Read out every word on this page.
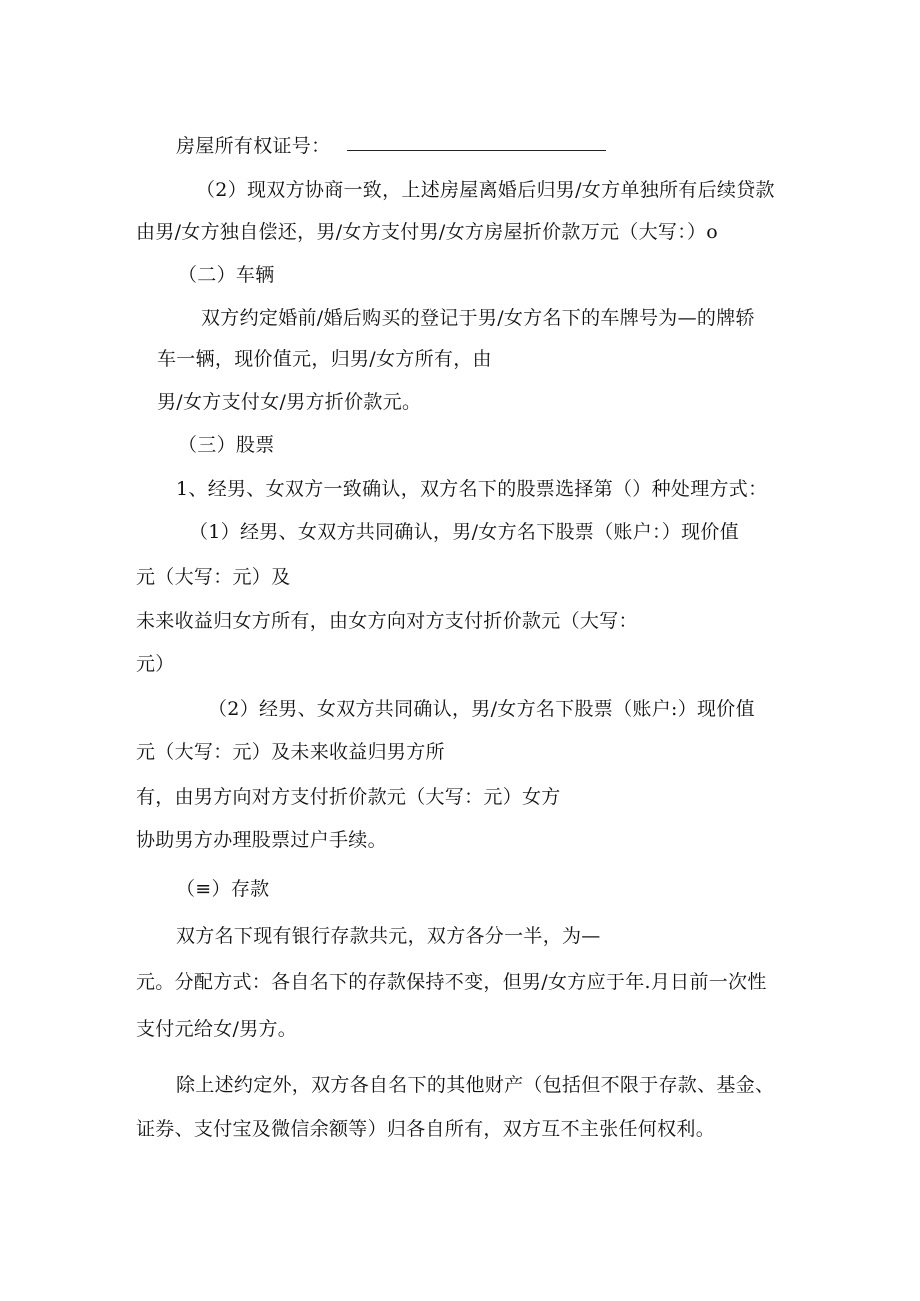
房屋所有权证号：
（2）现双方协商一致，上述房屋离婚后归男/女方单独所有后续贷款
由男/女方独自偿还，男/女方支付男/女方房屋折价款万元（大写：）o
（二）车辆
双方约定婚前/婚后购买的登记于男/女方名下的车牌号为—的牌轿
车一辆，现价值元，归男/女方所有，由
男/女方支付女/男方折价款元。
（三）股票
1、经男、女双方一致确认，双方名下的股票选择第（）种处理方式：
（1）经男、女双方共同确认，男/女方名下股票（账户：）现价值
元（大写：元）及
未来收益归女方所有，由女方向对方支付折价款元（大写：
元）
（2）经男、女双方共同确认，男/女方名下股票（账户:）现价值
元（大写：元）及未来收益归男方所
有，由男方向对方支付折价款元（大写：元）女方
协助男方办理股票过户手续。
（≡）存款
双方名下现有银行存款共元，双方各分一半，为—
元。分配方式：各自名下的存款保持不变，但男/女方应于年.月日前一次性
支付元给女/男方。
除上述约定外，双方各自名下的其他财产（包括但不限于存款、基金、
证券、支付宝及微信余额等）归各自所有，双方互不主张任何权利。
